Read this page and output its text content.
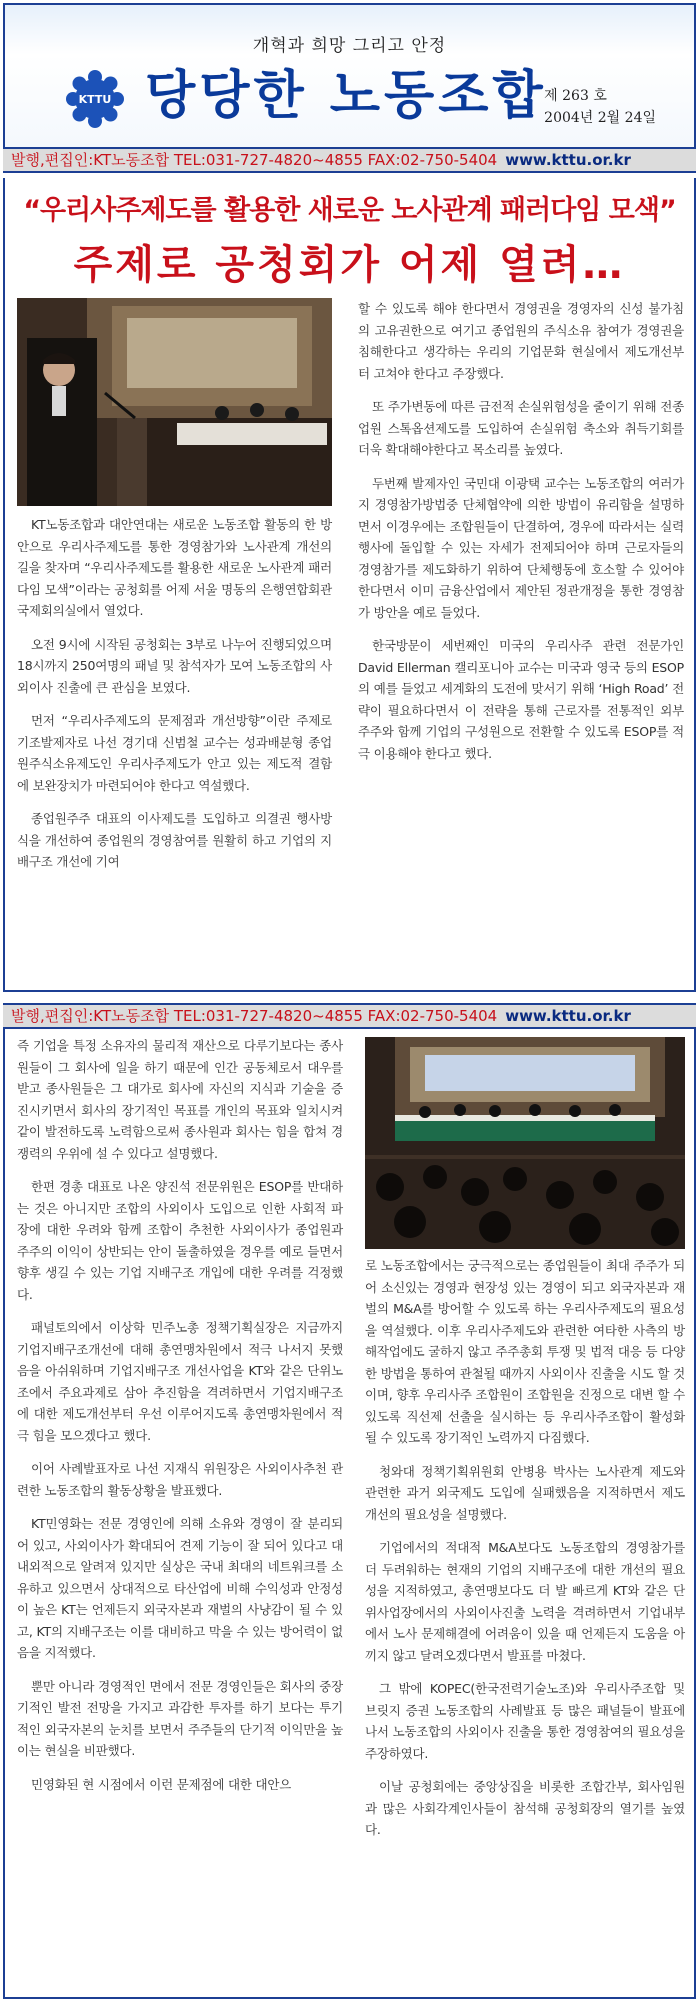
개혁과 희망 그리고 안정
KTTU 당당한 노동조합
제 263 호
2004년 2월 24일
발행,편집인:KT노동조합 TEL:031-727-4820~4855 FAX:02-750-5404 www.kttu.or.kr
“우리사주제도를 활용한 새로운 노사관계 패러다임 모색”
주제로 공청회가 어제 열려…

KT노동조합과 대안연대는 새로운 노동조합 활동의 한 방안으로 우리사주제도를 통한 경영참가와 노사관계 개선의 길을 찾자며 “우리사주제도를 활용한 새로운 노사관계 패러다임 모색”이라는 공청회를 어제 서울 명동의 은행연합회관 국제회의실에서 열었다.

오전 9시에 시작된 공청회는 3부로 나누어 진행되었으며 18시까지 250여명의 패널 및 참석자가 모여 노동조합의 사외이사 진출에 큰 관심을 보였다.

먼저 “우리사주제도의 문제점과 개선방향”이란 주제로 기조발제자로 나선 경기대 신범철 교수는 성과배분형 종업원주식소유제도인 우리사주제도가 안고 있는 제도적 결함에 보완장치가 마련되어야 한다고 역설했다.

종업원주주 대표의 이사제도를 도입하고 의결권 행사방식을 개선하여 종업원의 경영참여를 원활히 하고 기업의 지배구조 개선에 기여

할 수 있도록 해야 한다면서 경영권을 경영자의 신성 불가침의 고유권한으로 여기고 종업원의 주식소유 참여가 경영권을 침해한다고 생각하는 우리의 기업문화 현실에서 제도개선부터 고쳐야 한다고 주장했다.

또 주가변동에 따른 금전적 손실위험성을 줄이기 위해 전종업원 스톡옵션제도를 도입하여 손실위험 축소와 취득기회를 더욱 확대해야한다고 목소리를 높였다.

두번째 발제자인 국민대 이광택 교수는 노동조합의 여러가지 경영참가방법중 단체협약에 의한 방법이 유리함을 설명하면서 이경우에는 조합원들이 단결하여, 경우에 따라서는 실력행사에 돌입할 수 있는 자세가 전제되어야 하며 근로자들의 경영참가를 제도화하기 위하여 단체행동에 호소할 수 있어야 한다면서 이미 금융산업에서 제안된 정관개정을 통한 경영참가 방안을 예로 들었다.

한국방문이 세번째인 미국의 우리사주 관련 전문가인 David Ellerman 캘리포니아 교수는 미국과 영국 등의 ESOP 의 예를 들었고 세계화의 도전에 맞서기 위해 ‘High Road’ 전략이 필요하다면서 이 전략을 통해 근로자를 전통적인 외부 주주와 함께 기업의 구성원으로 전환할 수 있도록 ESOP를 적극 이용해야 한다고 했다.

발행,편집인:KT노동조합 TEL:031-727-4820~4855 FAX:02-750-5404 www.kttu.or.kr

즉 기업을 특정 소유자의 물리적 재산으로 다루기보다는 종사원들이 그 회사에 일을 하기 때문에 인간 공동체로서 대우를 받고 종사원들은 그 대가로 회사에 자신의 지식과 기술을 증진시키면서 회사의 장기적인 목표를 개인의 목표와 일치시켜 같이 발전하도록 노력함으로써 종사원과 회사는 힘을 합쳐 경쟁력의 우위에 설 수 있다고 설명했다.

한편 경총 대표로 나온 양진석 전문위원은 ESOP를 반대하는 것은 아니지만 조합의 사외이사 도입으로 인한 사회적 파장에 대한 우려와 함께 조합이 추천한 사외이사가 종업원과 주주의 이익이 상반되는 안이 돌출하였을 경우를 예로 들면서 향후 생길 수 있는 기업 지배구조 개입에 대한 우려를 걱정했다.

패널토의에서 이상학 민주노총 정책기획실장은 지금까지 기업지배구조개선에 대해 총연맹차원에서 적극 나서지 못했음을 아쉬워하며 기업지배구조 개선사업을 KT와 같은 단위노조에서 주요과제로 삼아 추진함을 격려하면서 기업지배구조에 대한 제도개선부터 우선 이루어지도록 총연맹차원에서 적극 힘을 모으겠다고 했다.

이어 사례발표자로 나선 지재식 위원장은 사외이사추천 관련한 노동조합의 활동상황을 발표했다.

KT민영화는 전문 경영인에 의해 소유와 경영이 잘 분리되어 있고, 사외이사가 확대되어 견제 기능이 잘 되어 있다고 대내외적으로 알려져 있지만 실상은 국내 최대의 네트워크를 소유하고 있으면서 상대적으로 타산업에 비해 수익성과 안정성이 높은 KT는 언제든지 외국자본과 재벌의 사냥감이 될 수 있고, KT의 지배구조는 이를 대비하고 막을 수 있는 방어력이 없음을 지적했다.

뿐만 아니라 경영적인 면에서 전문 경영인들은 회사의 중장기적인 발전 전망을 가지고 과감한 투자를 하기 보다는 투기적인 외국자본의 눈치를 보면서 주주들의 단기적 이익만을 높이는 현실을 비판했다.

민영화된 현 시점에서 이런 문제점에 대한 대안으

로 노동조합에서는 궁극적으로는 종업원들이 최대 주주가 되어 소신있는 경영과 현장성 있는 경영이 되고 외국자본과 재벌의 M&A를 방어할 수 있도록 하는 우리사주제도의 필요성을 역설했다. 이후 우리사주제도와 관련한 여타한 사측의 방해작업에도 굴하지 않고 주주총회 투쟁 및 법적 대응 등 다양한 방법을 통하여 관철될 때까지 사외이사 진출을 시도 할 것이며, 향후 우리사주 조합원이 조합원을 진정으로 대변 할 수 있도록 직선제 선출을 실시하는 등 우리사주조합이 활성화 될 수 있도록 장기적인 노력까지 다짐했다.

청와대 정책기획위원회 안병용 박사는 노사관계 제도와 관련한 과거 외국제도 도입에 실패했음을 지적하면서 제도 개선의 필요성을 설명했다.

기업에서의 적대적 M&A보다도 노동조합의 경영참가를 더 두려워하는 현재의 기업의 지배구조에 대한 개선의 필요성을 지적하였고, 총연맹보다도 더 발 빠르게 KT와 같은 단위사업장에서의 사외이사진출 노력을 격려하면서 기업내부에서 노사 문제해결에 어려움이 있을 때 언제든지 도움을 아끼지 않고 달려오겠다면서 발표를 마쳤다.

그 밖에 KOPEC(한국전력기술노조)와 우리사주조합 및 브릿지 증권 노동조합의 사례발표 등 많은 패널들이 발표에 나서 노동조합의 사외이사 진출을 통한 경영참여의 필요성을 주장하였다.

이날 공청회에는 중앙상집을 비롯한 조합간부, 회사임원과 많은 사회각계인사들이 참석해 공청회장의 열기를 높였다.
